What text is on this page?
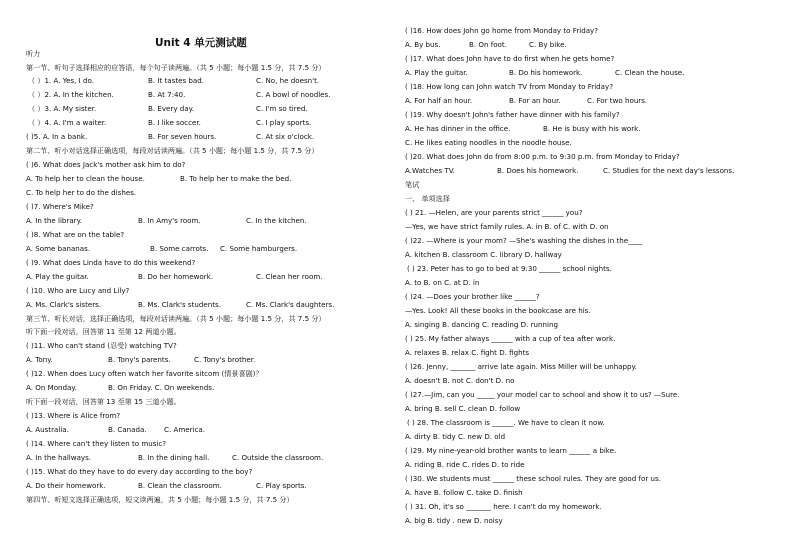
Unit 4 单元测试题
听力
第一节、听句子选择相应的应答语，每个句子读两遍。（共 5 小题；每小题 1.5 分，共 7.5 分）
（ ）1. A. Yes, I do.	B. It tastes bad.	C. No, he doesn't.
（ ）2. A. In the kitchen.	B. At 7:40.	C. A bowl of noodles.
（ ）3. A. My sister.	B. Every day.	C. I'm so tired.
（ ）4. A. I'm a waiter.	B. I like soccer.	C. I play sports.
( )5. A. In a bank.	B. For seven hours.	C. At six o'clock.
第二节、听小对话选择正确选项，每段对话读两遍。（共 5 小题；每小题 1.5 分，共 7.5 分）
( )6. What does Jack's mother ask him to do?
A. To help her to clean the house.	B. To help her to make the bed.
C. To help her to do the dishes.
( )7. Where's Mike?
A. In the library.	B. In Amy's room.	C. In the kitchen.
( )8. What are on the table?
A. Some bananas.	B. Some carrots. C. Some hamburgers.
( )9. What does Linda have to do this weekend?
A. Play the guitar.	B. Do her homework.	C. Clean her room.
( )10. Who are Lucy and Lily?
A. Ms. Clark's sisters.	B. Ms. Clark's students.	C. Ms. Clark's daughters.
第三节、听长对话，选择正确选项，每段对话读两遍。（共 5 小题；每小题 1.5 分，共 7.5 分）
听下面一段对话，回答第 11 至第 12 两道小题。
( )11. Who can't stand (忍受) watching TV?
A. Tony.	B. Tony's parents.	C. Tony's brother.
( )12. When does Lucy often watch her favorite sitcom (情景喜剧)？
A. On Monday.	B. On Friday. C. On weekends.
听下面一段对话，回答第 13 至第 15 三道小题。
( )13. Where is Alice from?
A. Australia.	B. Canada. C. America.
( )14. Where can't they listen to music?
A. In the hallways.	B. In the dining hall.	C. Outside the classroom.
( )15. What do they have to do every day according to the boy?
A. Do their homework.	B. Clean the classroom.	C. Play sports.
第四节、听短文选择正确选项，短文读两遍，共 5 小题；每小题 1.5 分，共 7.5 分）
( )16. How does John go home from Monday to Friday?
A. By bus.	B. On foot.	C. By bike.
( )17. What does John have to do first when he gets home?
A. Play the guitar.	B. Do his homework.	C. Clean the house.
( )18. How long can John watch TV from Monday to Friday?
A. For half an hour.	B. For an hour.	C. For two hours.
( )19. Why doesn't John's father have dinner with his family?
A. He has dinner in the office.	B. He is busy with his work.
C. He likes eating noodles in the noodle house.
( )20. What does John do from 8:00 p.m. to 9:30 p.m. from Monday to Friday?
A.Watches TV.	B. Does his homework.	C. Studies for the next day's lessons.
笔试
一、 单项选择
( ) 21. —Helen, are your parents strict ______ you?
—Yes, we have strict family rules. A. in B. of C. with D. on
( )22. —Where is your mom? —She's washing the dishes in the____
A. kitchen B. classroom C. library D. hallway
( ) 23. Peter has to go to bed at 9:30 ______ school nights.
A. to B. on C. at D. in
( )24. —Does your brother like ______?
—Yes. Look! All these books in the bookcase are his.
A. singing B. dancing C. reading D. running
( ) 25. My father always ______ with a cup of tea after work.
A. relaxes B. relax C. fight D. fights
( )26. Jenny, _______ arrive late again. Miss Miller will be unhappy.
A. doesn't B. not C. don't D. no
( )27.—Jim, can you _____ your model car to school and show it to us? —Sure.
A. bring B. sell C. clean D. follow
( ) 28. The classroom is ______. We have to clean it now.
A. dirty B. tidy C. new D. old
( )29. My nine-year-old brother wants to learn ______ a bike.
A. riding B. ride C. rides D. to ride
( )30. We students must ______ these school rules. They are good for us.
A. have B. follow C. take D. finish
( ) 31. Oh, it's so _______ here. I can't do my homework.
A. big B. tidy . new D. noisy
